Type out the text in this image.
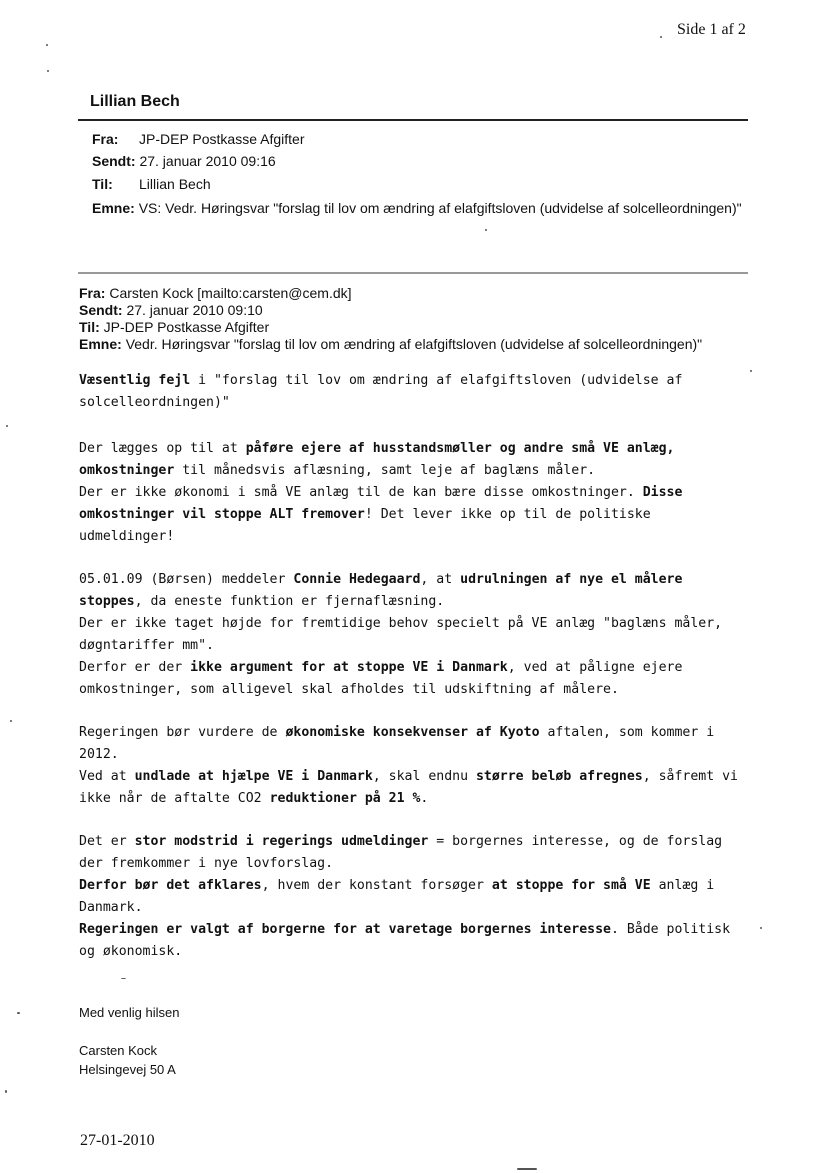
Side 1 af 2
Lillian Bech
Fra: JP-DEP Postkasse Afgifter
Sendt: 27. januar 2010 09:16
Til: Lillian Bech
Emne: VS: Vedr. Høringsvar "forslag til lov om ændring af elafgiftsloven (udvidelse af solcelleordningen)"
Fra: Carsten Kock [mailto:carsten@cem.dk]
Sendt: 27. januar 2010 09:10
Til: JP-DEP Postkasse Afgifter
Emne: Vedr. Høringsvar "forslag til lov om ændring af elafgiftsloven (udvidelse af solcelleordningen)"
Væsentlig fejl i "forslag til lov om ændring af elafgiftsloven (udvidelse af
solcelleordningen)"
Der lægges op til at påføre ejere af husstandsmøller og andre små VE anlæg,
omkostninger til månedsvis aflæsning, samt leje af baglæns måler.
Der er ikke økonomi i små VE anlæg til de kan bære disse omkostninger. Disse
omkostninger vil stoppe ALT fremover! Det lever ikke op til de politiske
udmeldinger!
05.01.09 (Børsen) meddeler Connie Hedegaard, at udrulningen af nye el målere
stoppes, da eneste funktion er fjernaflæsning.
Der er ikke taget højde for fremtidige behov specielt på VE anlæg "baglæns måler,
døgntariffer mm".
Derfor er der ikke argument for at stoppe VE i Danmark, ved at påligne ejere
omkostninger, som alligevel skal afholdes til udskiftning af målere.
Regeringen bør vurdere de økonomiske konsekvenser af Kyoto aftalen, som kommer i
2012.
Ved at undlade at hjælpe VE i Danmark, skal endnu større beløb afregnes, såfremt vi
ikke når de aftalte CO2 reduktioner på 21 %.
Det er stor modstrid i regerings udmeldinger = borgernes interesse, og de forslag
der fremkommer i nye lovforslag.
Derfor bør det afklares, hvem der konstant forsøger at stoppe for små VE anlæg i
Danmark.
Regeringen er valgt af borgerne for at varetage borgernes interesse. Både politisk
og økonomisk.
Med venlig hilsen
Carsten Kock
Helsingevej 50 A
27-01-2010
